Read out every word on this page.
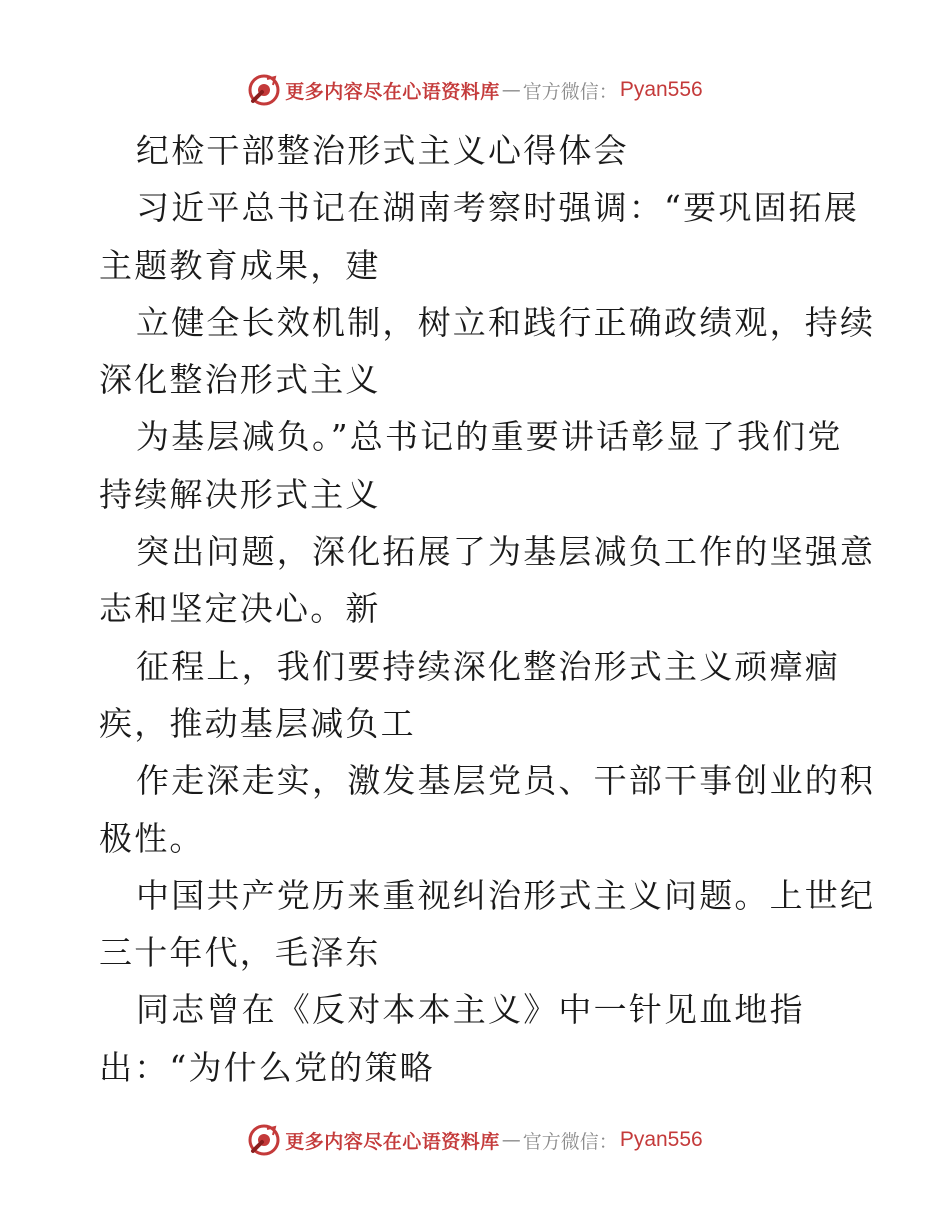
更多内容尽在心语资料库 — 官方微信： Pyan556
纪检干部整治形式主义心得体会
习近平总书记在湖南考察时强调：“要巩固拓展
主题教育成果，建
立健全长效机制，树立和践行正确政绩观，持续
深化整治形式主义
为基层减负。”总书记的重要讲话彰显了我们党
持续解决形式主义
突出问题，深化拓展了为基层减负工作的坚强意
志和坚定决心。新
征程上，我们要持续深化整治形式主义顽瘴痼
疾，推动基层减负工
作走深走实，激发基层党员、干部干事创业的积
极性。
中国共产党历来重视纠治形式主义问题。上世纪
三十年代，毛泽东
同志曾在《反对本本主义》中一针见血地指
出：“为什么党的策略
更多内容尽在心语资料库 — 官方微信： Pyan556
